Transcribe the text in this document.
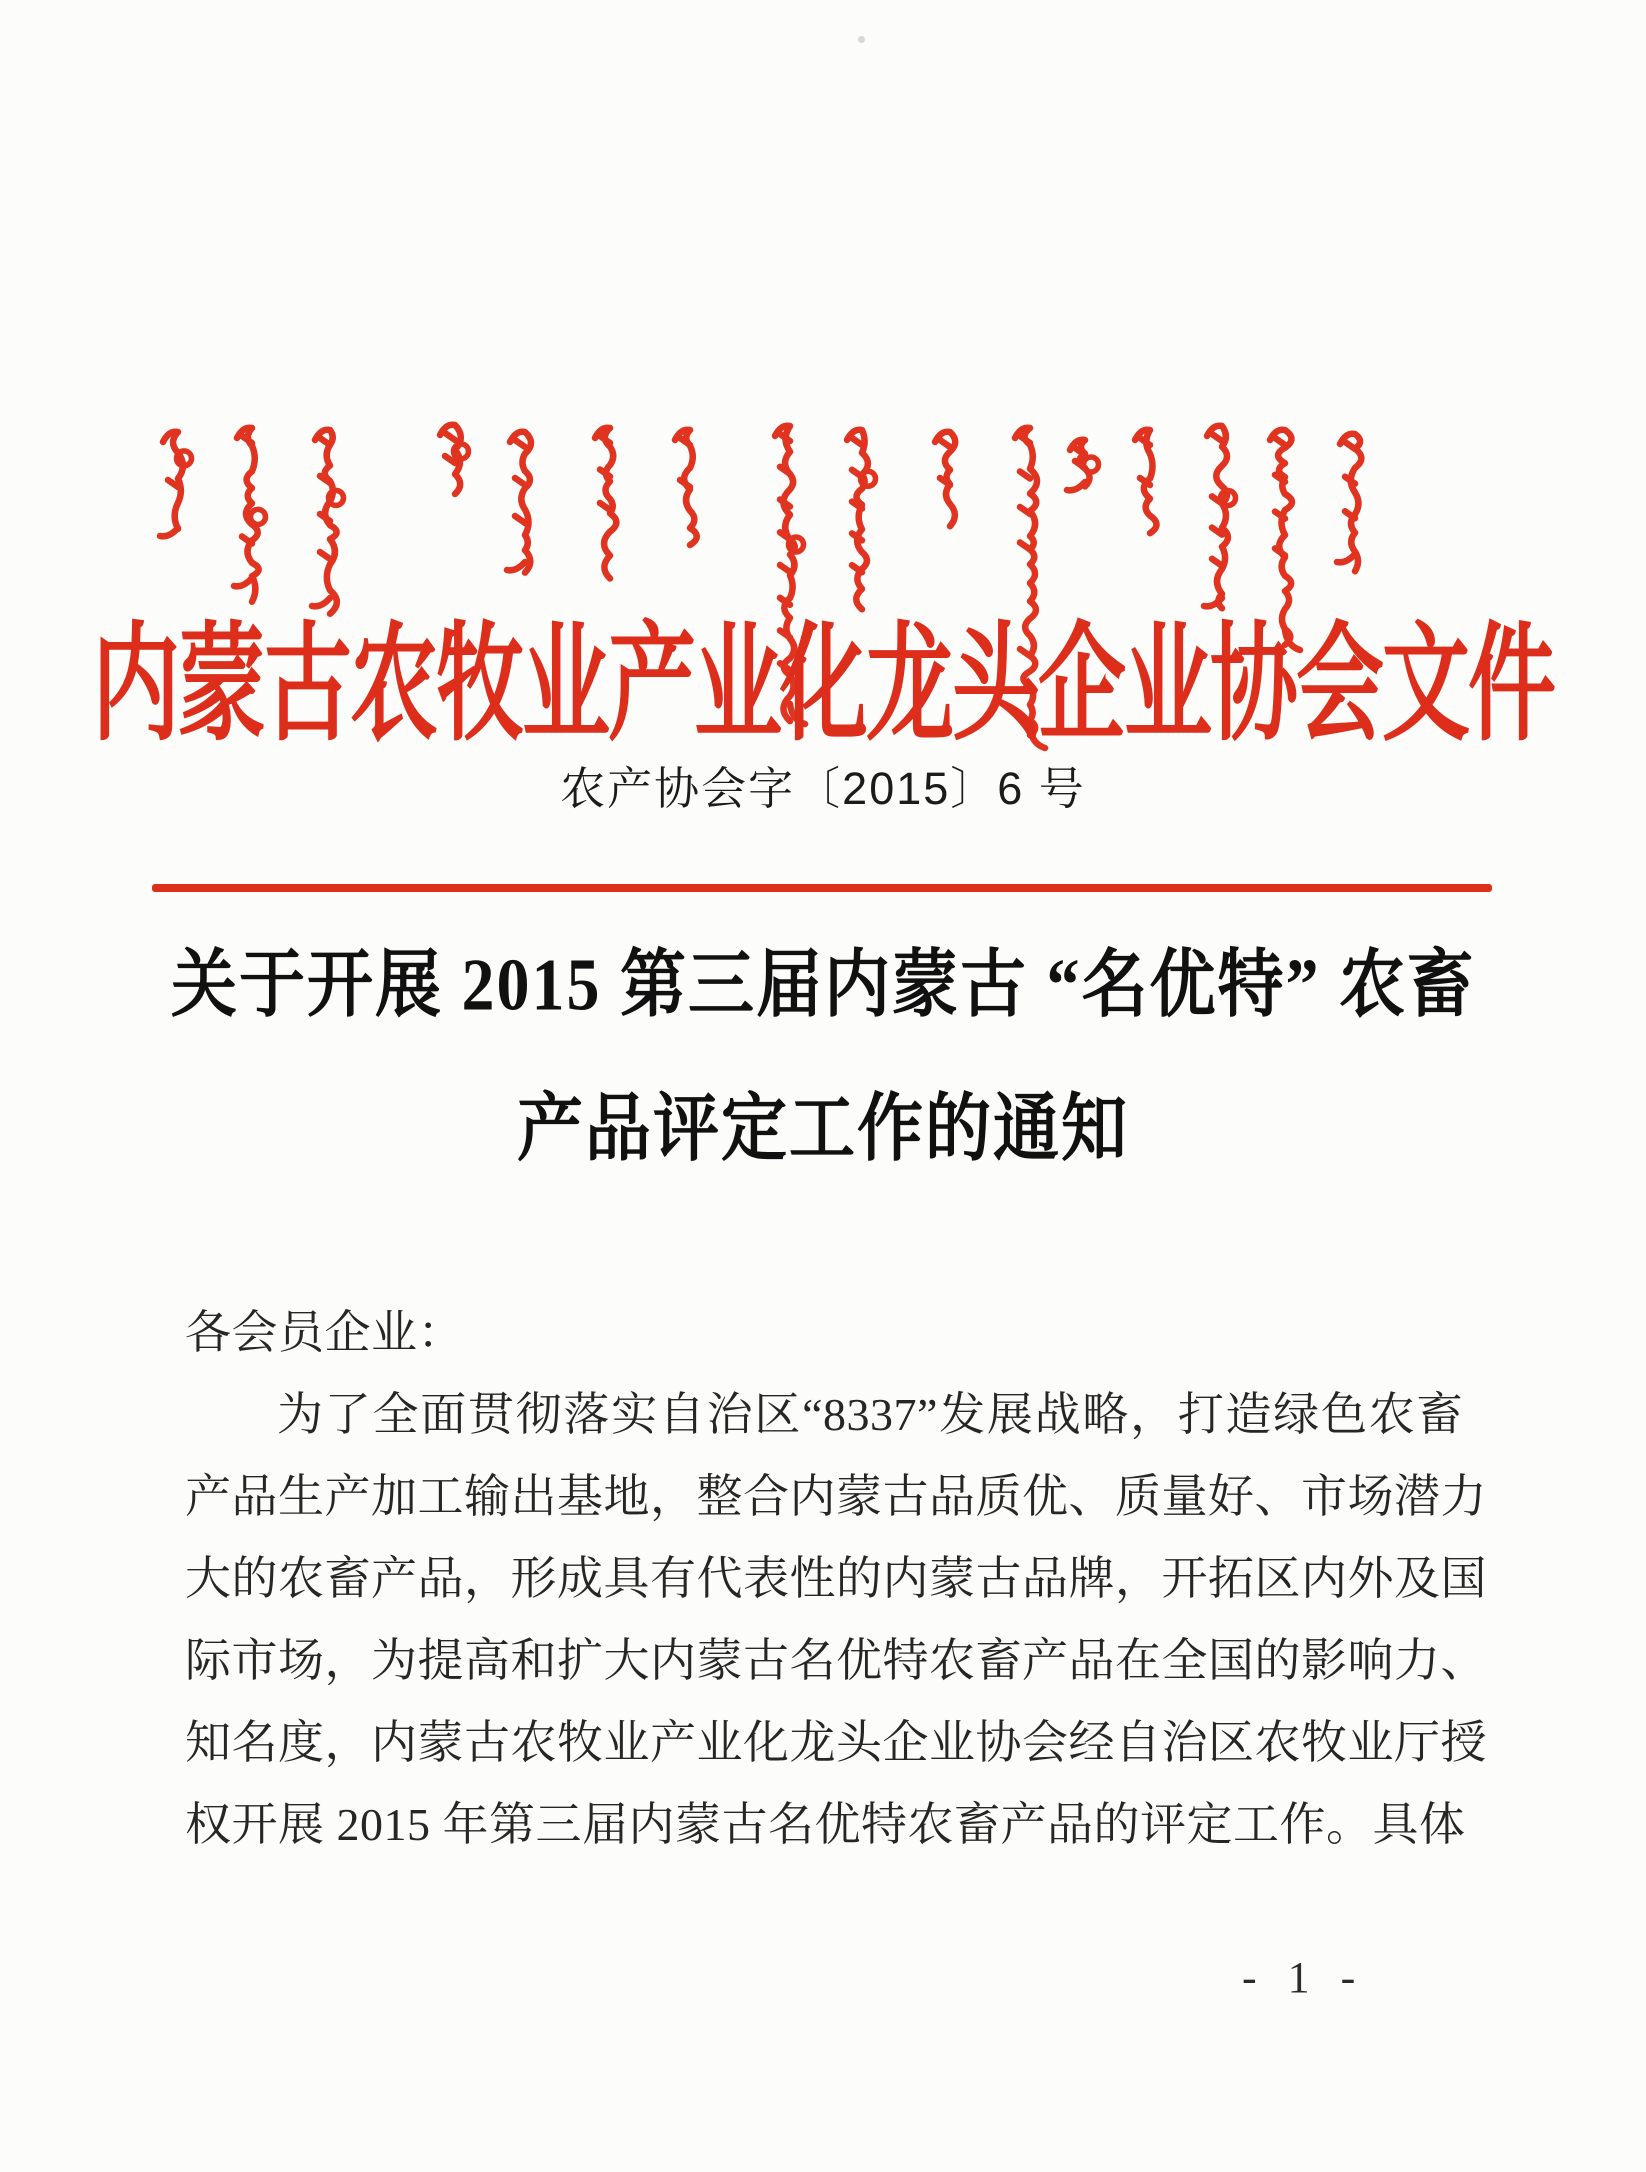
内蒙古农牧业产业化龙头企业协会文件
农产协会字〔2015〕6 号
关于开展 2015 第三届内蒙古 “名优特” 农畜
产品评定工作的通知
各会员企业：
为了全面贯彻落实自治区“8337”发展战略，打造绿色农畜
产品生产加工输出基地，整合内蒙古品质优、质量好、市场潜力
大的农畜产品，形成具有代表性的内蒙古品牌，开拓区内外及国
际市场，为提高和扩大内蒙古名优特农畜产品在全国的影响力、
知名度，内蒙古农牧业产业化龙头企业协会经自治区农牧业厅授
权开展 2015 年第三届内蒙古名优特农畜产品的评定工作。具体
- 1 -
